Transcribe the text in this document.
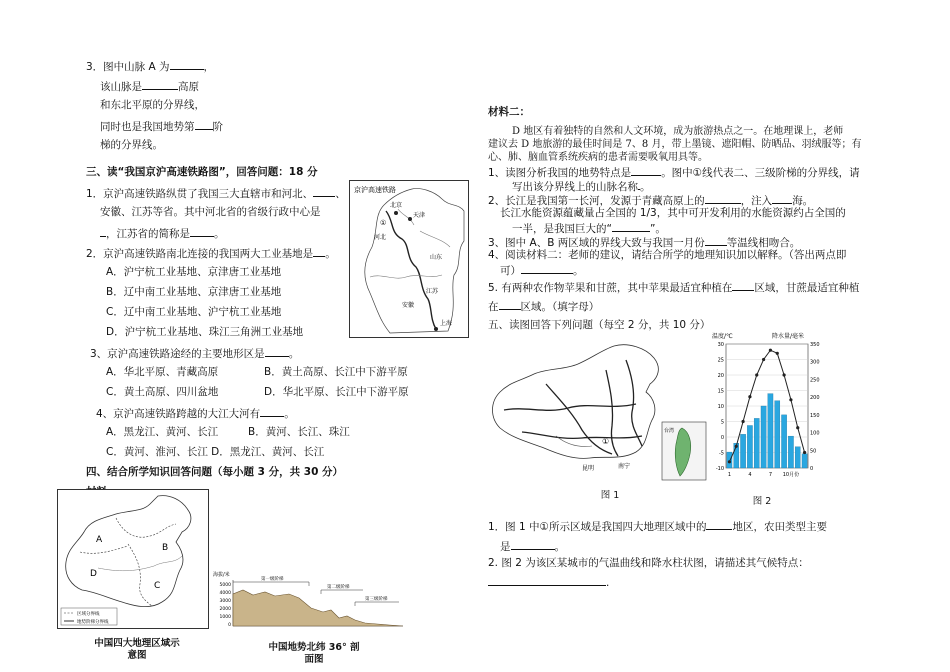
3．图中山脉 A 为	，
该山脉是	高原
和东北平原的分界线，
同时也是我国地势第 阶
梯的分界线。
三、读“我国京沪高速铁路图”，回答问题：18 分
1．京沪高速铁路纵贯了我国三大直辖市和河北、 、
安徽、江苏等省。其中河北省的省级行政中心是
，江苏省的简称是 。
2．京沪高速铁路南北连接的我国两大工业基地是 。
A．沪宁杭工业基地、京津唐工业基地
B．辽中南工业基地、京津唐工业基地
C．辽中南工业基地、沪宁杭工业基地
D．沪宁杭工业基地、珠江三角洲工业基地
3、京沪高速铁路途经的主要地形区是 。
A．华北平原、青藏高原	B．黄土高原、长江中下游平原
C．黄土高原、四川盆地	D．华北平原、长江中下游平原
4、京沪高速铁路跨越的大江大河有 。
A．黑龙江、黄河、长江	B．黄河、长江、珠江
C．黄河、淮河、长江 D．黑龙江、黄河、长江
四、结合所学知识回答问题（每小题 3 分，共 30 分）
京沪高速铁路
北京
天津
河北
山东
江苏
安徽
上海
①
A
B
C
D
区域分界线
地势阶梯分界线
中国四大地理区域示
意图
海拔/米
5000
4000
3000
2000
1000
0
第一级阶梯
第二级阶梯
第三级阶梯
中国地势北纬 36° 剖
面图
材料二：
D 地区有着独特的自然和人文环境，成为旅游热点之一。在地理课上，老师
建议去 D 地旅游的最佳时间是 7、8 月，带上墨镜、遮阳帽、防晒品、羽绒服等；有
心、肺、脑血管系统疾病的患者需要吸氧用具等。
1、读图分析我国的地势特点是	。图中①线代表二、三级阶梯的分界线，请
写出该分界线上的山脉名称 。
2、长江是我国第一长河，发源于青藏高原上的	，注入 海。
长江水能资源蕴藏量占全国的 1/3，其中可开发利用的水能资源约占全国的
一半，是我国巨大的“	”。
3、图中 A、B 两区域的界线大致与我国一月份 等温线相吻合。
4、阅读材料二：老师的建议，请结合所学的地理知识加以解释。（答出两点即
可）	。
5. 有两种农作物苹果和甘蔗，其中苹果最适宜种植在 区域，甘蔗最适宜种植
在 区域。（填字母）
五、读图回答下列问题（每空 2 分，共 10 分）
①
昆明	南宁
台湾
图 1
温度/℃	降水量/毫米
-10
-5
0
5
10
15
20
25
30
0
50
100
150
200
250
300
350
1	4	7 10月份
图 2
1．图 1 中①所示区域是我国四大地理区域中的 地区，农田类型主要
是	。
2. 图 2 为该区某城市的气温曲线和降水柱状图，请描述其气候特点：
.
